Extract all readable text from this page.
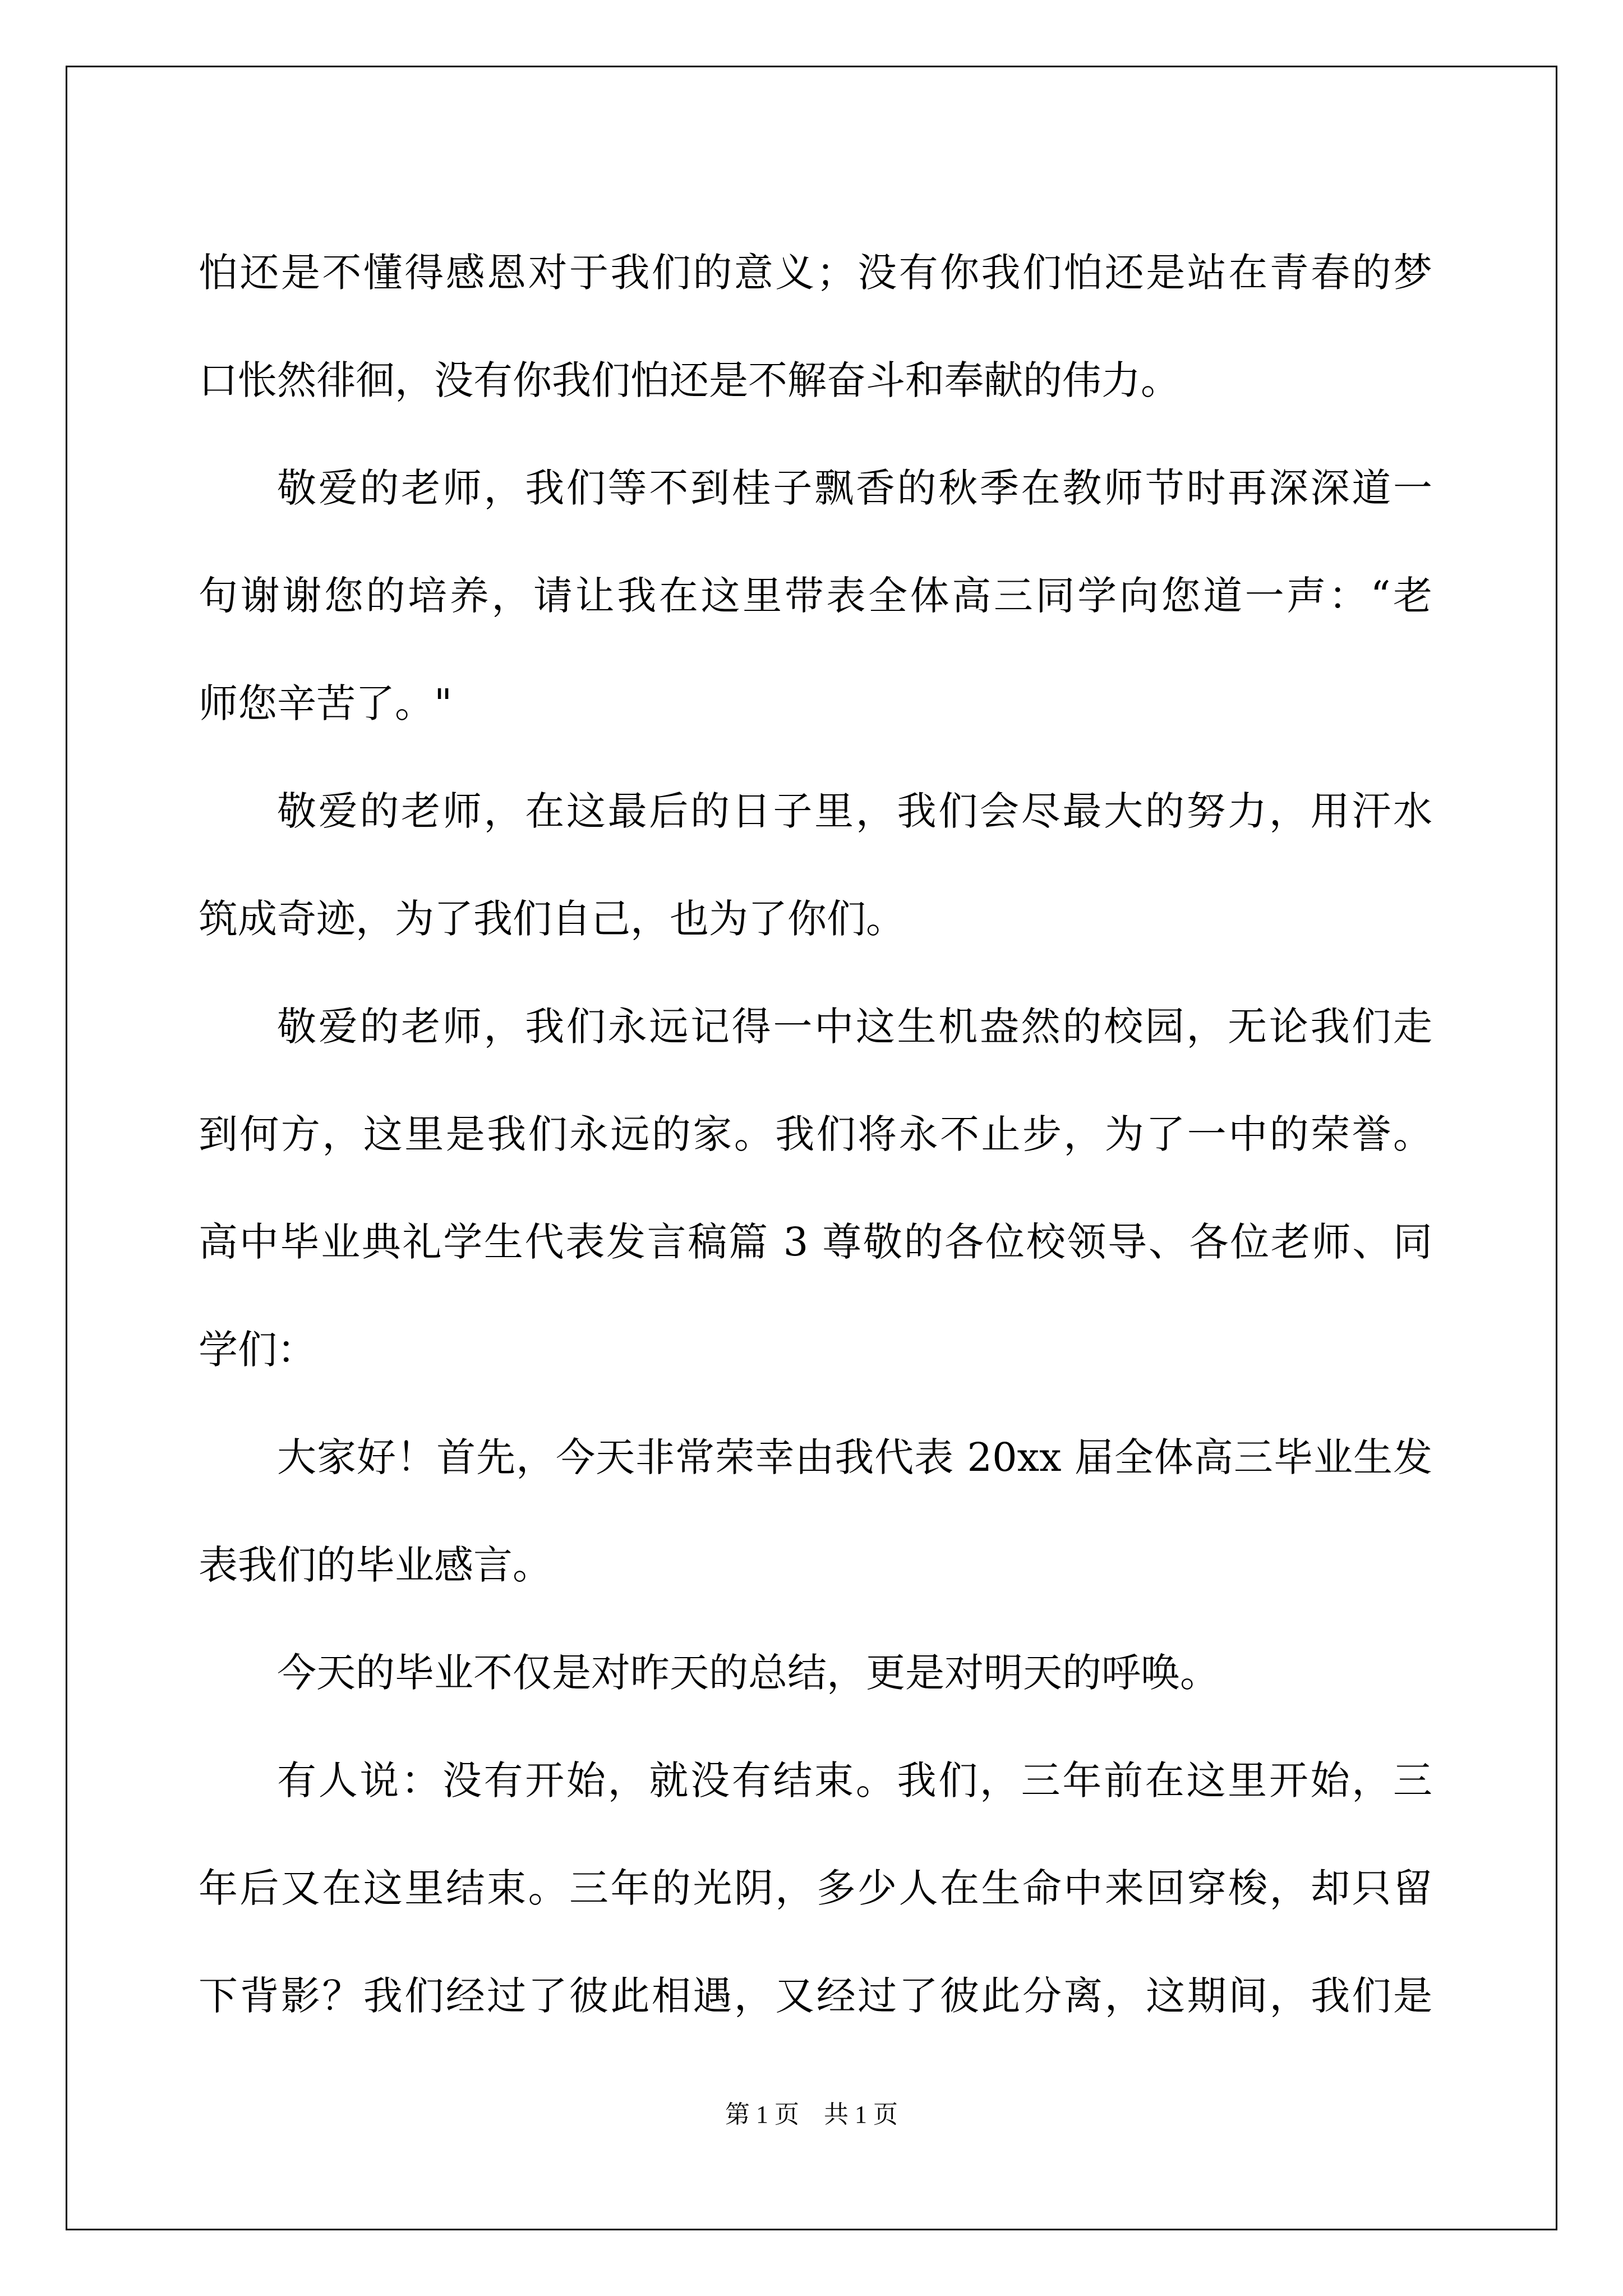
怕还是不懂得感恩对于我们的意义；没有你我们怕还是站在青春的梦
口怅然徘徊，没有你我们怕还是不解奋斗和奉献的伟力。
敬爱的老师，我们等不到桂子飘香的秋季在教师节时再深深道一
句谢谢您的培养，请让我在这里带表全体高三同学向您道一声：“老
师您辛苦了。"
敬爱的老师，在这最后的日子里，我们会尽最大的努力，用汗水
筑成奇迹，为了我们自己，也为了你们。
敬爱的老师，我们永远记得一中这生机盎然的校园，无论我们走
到何方，这里是我们永远的家。我们将永不止步，为了一中的荣誉。
高中毕业典礼学生代表发言稿篇 3 尊敬的各位校领导、各位老师、同
学们：
大家好！首先，今天非常荣幸由我代表 20xx 届全体高三毕业生发
表我们的毕业感言。
今天的毕业不仅是对昨天的总结，更是对明天的呼唤。
有人说：没有开始，就没有结束。我们，三年前在这里开始，三
年后又在这里结束。三年的光阴，多少人在生命中来回穿梭，却只留
下背影？我们经过了彼此相遇，又经过了彼此分离，这期间，我们是
第 1 页　共 1 页
